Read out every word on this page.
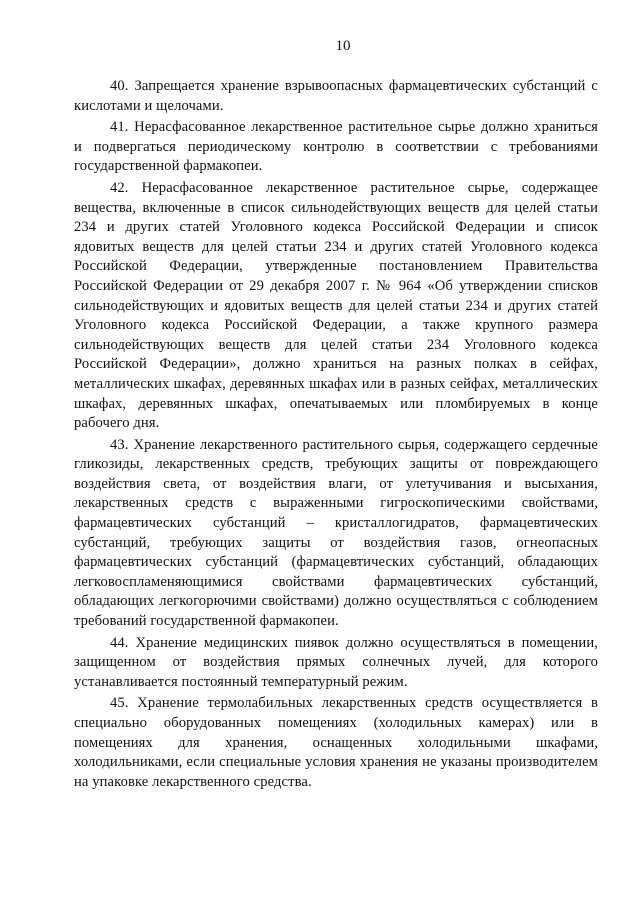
10

40. Запрещается хранение взрывоопасных фармацевтических субстанций с кислотами и щелочами.

41. Нерасфасованное лекарственное растительное сырье должно храниться и подвергаться периодическому контролю в соответствии с требованиями государственной фармакопеи.

42. Нерасфасованное лекарственное растительное сырье, содержащее вещества, включенные в список сильнодействующих веществ для целей статьи 234 и других статей Уголовного кодекса Российской Федерации и список ядовитых веществ для целей статьи 234 и других статей Уголовного кодекса Российской Федерации, утвержденные постановлением Правительства Российской Федерации от 29 декабря 2007 г. № 964 «Об утверждении списков сильнодействующих и ядовитых веществ для целей статьи 234 и других статей Уголовного кодекса Российской Федерации, а также крупного размера сильнодействующих веществ для целей статьи 234 Уголовного кодекса Российской Федерации», должно храниться на разных полках в сейфах, металлических шкафах, деревянных шкафах или в разных сейфах, металлических шкафах, деревянных шкафах, опечатываемых или пломбируемых в конце рабочего дня.

43. Хранение лекарственного растительного сырья, содержащего сердечные гликозиды, лекарственных средств, требующих защиты от повреждающего воздействия света, от воздействия влаги, от улетучивания и высыхания, лекарственных средств с выраженными гигроскопическими свойствами, фармацевтических субстанций – кристаллогидратов, фармацевтических субстанций, требующих защиты от воздействия газов, огнеопасных фармацевтических субстанций (фармацевтических субстанций, обладающих легковоспламеняющимися свойствами фармацевтических субстанций, обладающих легкогорючими свойствами) должно осуществляться с соблюдением требований государственной фармакопеи.

44. Хранение медицинских пиявок должно осуществляться в помещении, защищенном от воздействия прямых солнечных лучей, для которого устанавливается постоянный температурный режим.

45. Хранение термолабильных лекарственных средств осуществляется в специально оборудованных помещениях (холодильных камерах) или в помещениях для хранения, оснащенных холодильными шкафами, холодильниками, если специальные условия хранения не указаны производителем на упаковке лекарственного средства.
